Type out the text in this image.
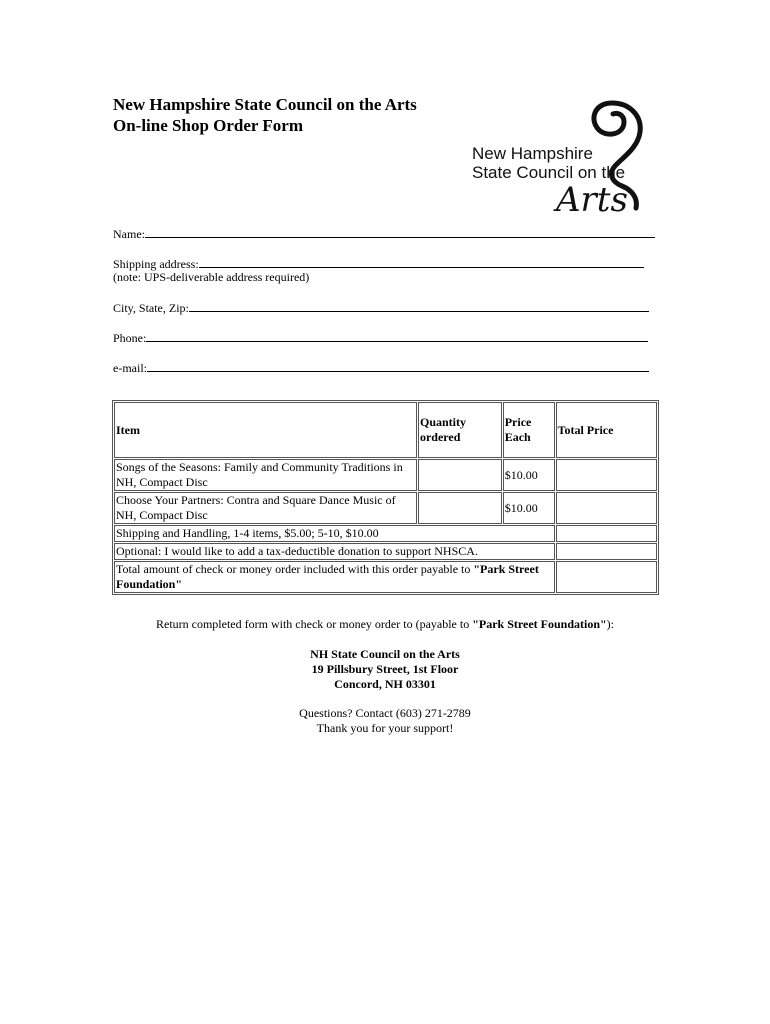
New Hampshire State Council on the Arts
On-line Shop Order Form
New Hampshire
State Council on the
Arts
Name:
Shipping address:
(note: UPS-deliverable address required)
City, State, Zip:
Phone:
e-mail:
Item	Quantity ordered	Price Each	Total Price
Songs of the Seasons: Family and Community Traditions in NH, Compact Disc		$10.00	
Choose Your Partners: Contra and Square Dance Music of NH, Compact Disc		$10.00	
Shipping and Handling, 1-4 items, $5.00; 5-10, $10.00			
Optional: I would like to add a tax-deductible donation to support NHSCA.			
Total amount of check or money order included with this order payable to "Park Street Foundation"			
Return completed form with check or money order to (payable to "Park Street Foundation"):
NH State Council on the Arts
19 Pillsbury Street, 1st Floor
Concord, NH 03301
Questions? Contact (603) 271-2789
Thank you for your support!
